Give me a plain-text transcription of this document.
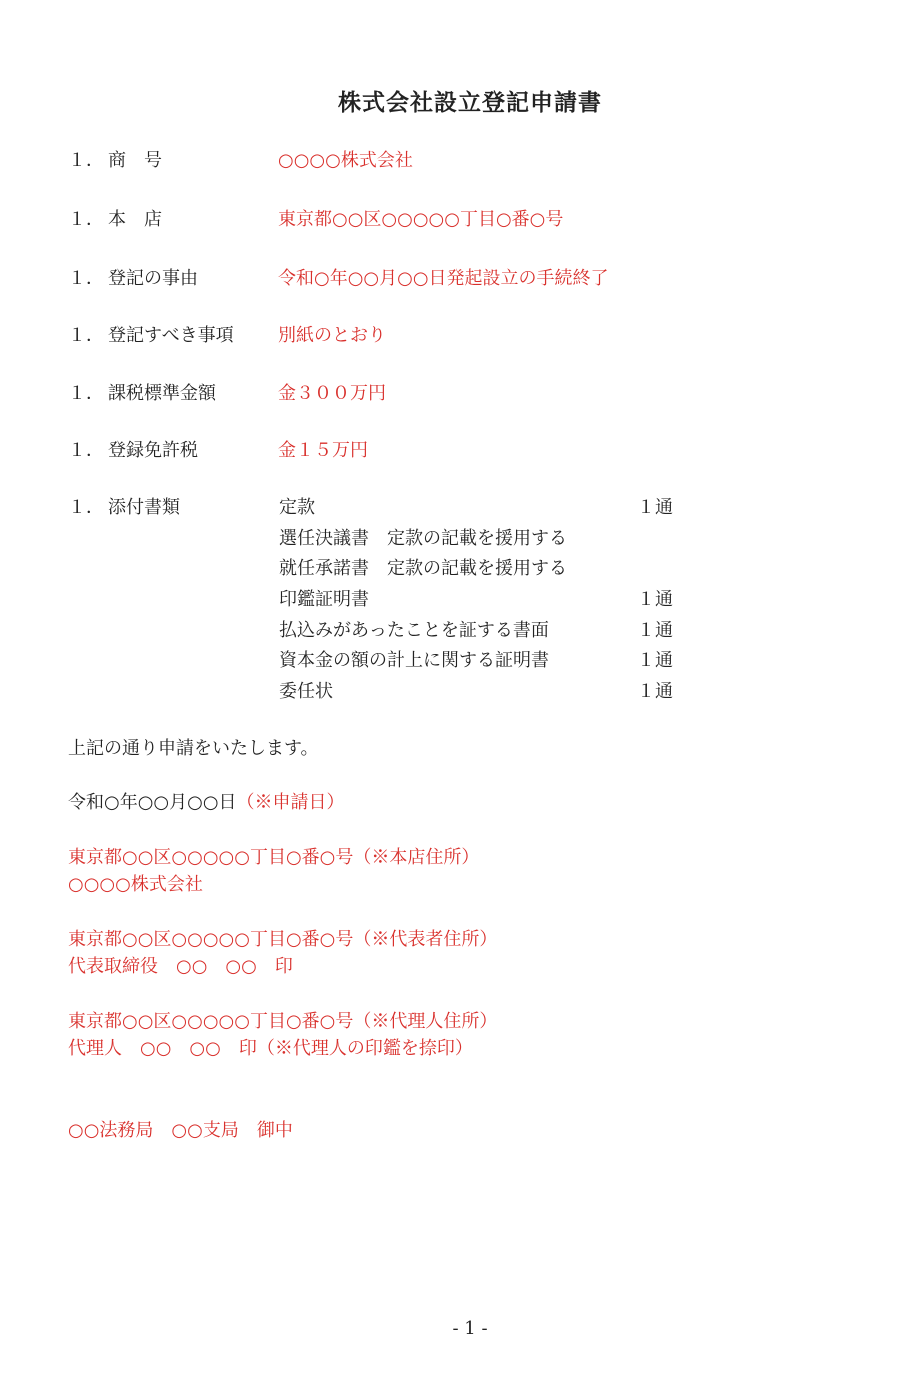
株式会社設立登記申請書
１． 商　号	○○○○株式会社
１． 本　店	東京都○○区○○○○○丁目○番○号
１． 登記の事由	令和○年○○月○○日発起設立の手続終了
１． 登記すべき事項 別紙のとおり
１． 課税標準金額	金３００万円
１． 登録免許税	金１５万円
１． 添付書類	定款	１通
選任決議書　定款の記載を援用する
就任承諾書　定款の記載を援用する
印鑑証明書	１通
払込みがあったことを証する書面	１通
資本金の額の計上に関する証明書	１通
委任状	１通
上記の通り申請をいたします。
令和○年○○月○○日（※申請日）
東京都○○区○○○○○丁目○番○号（※本店住所）
○○○○株式会社
東京都○○区○○○○○丁目○番○号（※代表者住所）
代表取締役　○○　○○　印
東京都○○区○○○○○丁目○番○号（※代理人住所）
代理人　○○　○○　印（※代理人の印鑑を捺印）
○○法務局　○○支局　御中
- 1 -
